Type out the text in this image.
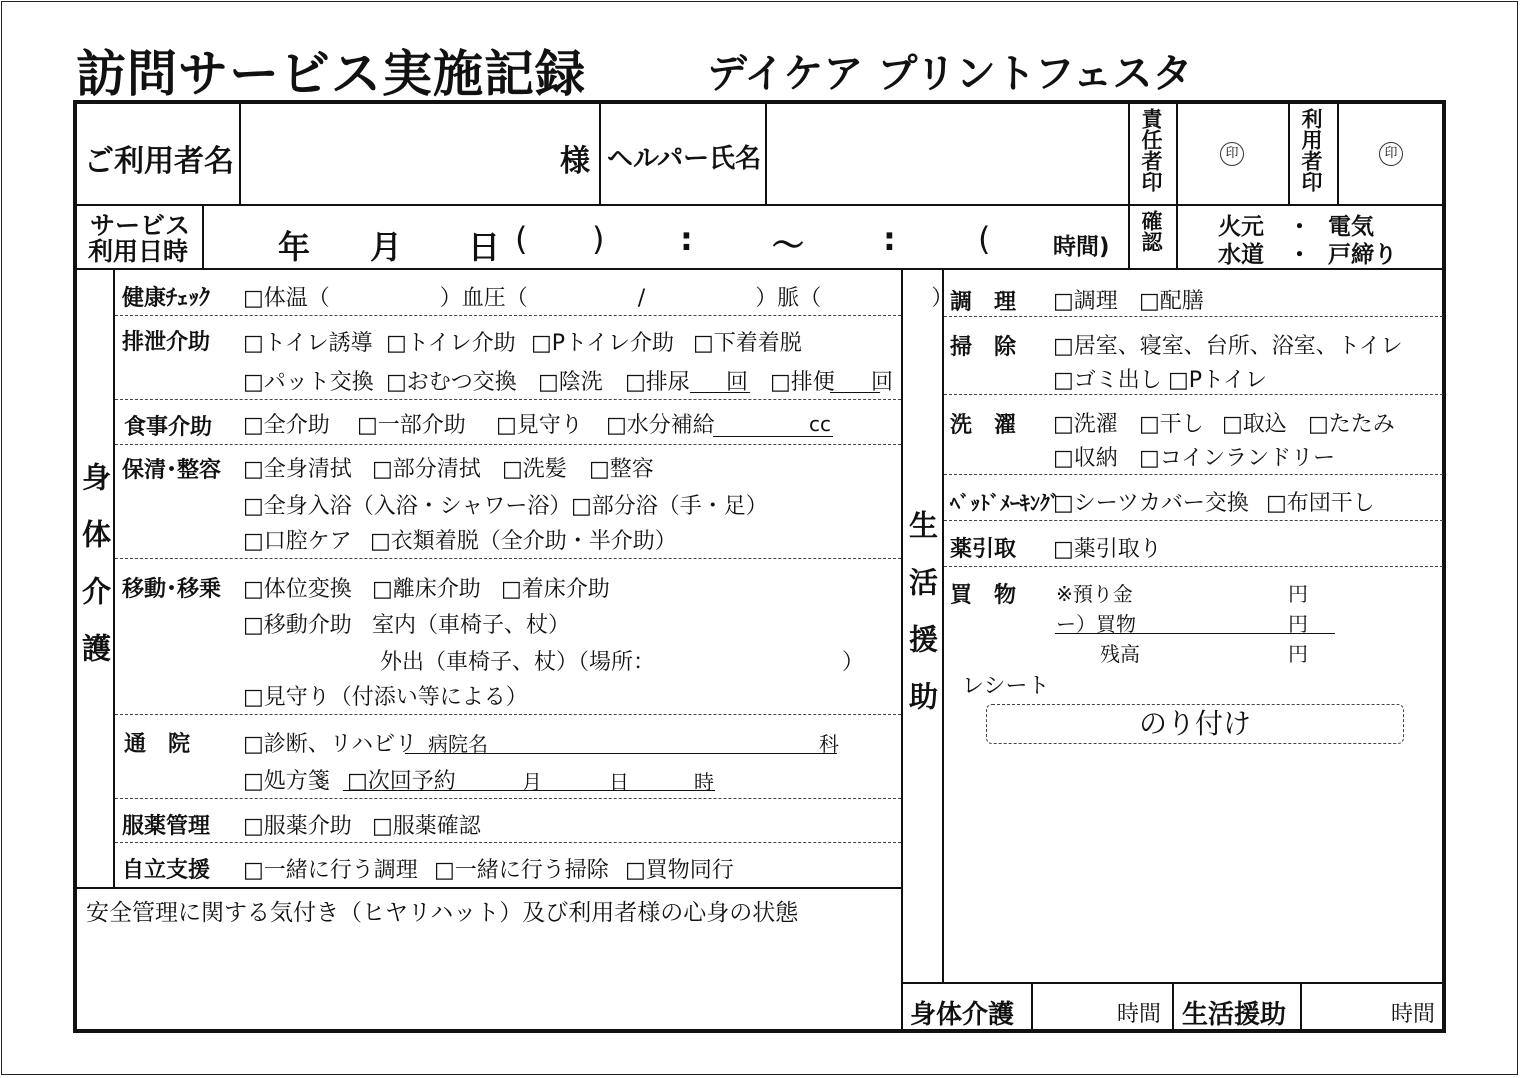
訪問サービス実施記録	デイケア プリントフェスタ
ご利用者名	様 ヘルパー氏名	責任者印	印	利用者印	印
サービス
利用日時	年 月 日 ( ) : 〜 :	(	時間) 確認 火元 ・ 電気
水道 ・ 戸締り
身体介護	生活援助
健康ﾁｪｯｸ □体温（　　　　　）血圧（　　　　　/　　　　　）脈（　　　　　）
排泄介助 □トイレ誘導 □トイレ介助 □Pトイレ介助 □下着着脱
□パット交換 □おむつ交換 □陰洗 □排尿 回 □排便 回
食事介助 □全介助 □一部介助 □見守り □水分補給	cc
保清･整容 □全身清拭 □部分清拭 □洗髪 □整容
□全身入浴（入浴・シャワー浴） □部分浴（手・足）
□口腔ケア □衣類着脱（全介助・半介助）
移動･移乗 □体位変換 □離床介助 □着床介助
□移動介助 室内（車椅子、杖）
外出（車椅子、杖）（場所：	）
□見守り（付添い等による）
通　院 □診断、リハビリ 病院名	科
□処方箋 □次回予約	月	日	時
服薬管理 □服薬介助 □服薬確認
自立支援 □一緒に行う調理 □一緒に行う掃除 □買物同行
安全管理に関する気付き（ヒヤリハット）及び利用者様の心身の状態
調　理 □調理 □配膳
掃　除 □居室、寝室、台所、浴室、トイレ
□ゴミ出し □Pトイレ
洗　濯 □洗濯 □干し □取込 □たたみ
□収納 □コインランドリー
ﾍﾞｯﾄﾞﾒｰｷﾝｸﾞ
□シーツカバー交換 □布団干し
薬引取 □薬引取り
買　物 ※預り金	円
ー）買物	円
残高	円
レシート
のり付け
身体介護	時間 生活援助	時間
